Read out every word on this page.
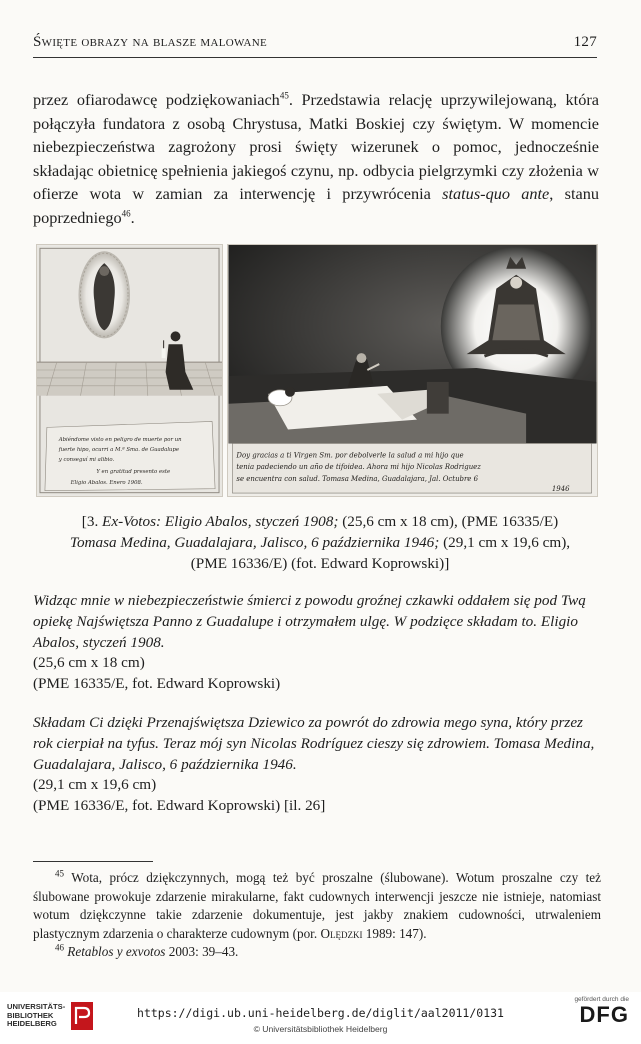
Święte obrazy na blasze malowane	127
przez ofiarodawcę podziękowaniach$^{45}$. Przedstawia relację uprzywilejowaną, która połączyła fundatora z osobą Chrystusa, Matki Boskiej czy świętym. W momencie niebezpieczeństwa zagrożony prosi święty wizerunek o pomoc, jednocześnie składając obietnicę spełnienia jakiegoś czynu, np. odbycia pielgrzymki czy złożenia w ofierze wota w zamian za interwencję i przywrócenia status-quo ante, stanu poprzedniego$^{46}$.
Abiéndome visto en peligro de muerte por un
fuerte hipo, ocurri a M.ª Sma. de Guadalupe
y conseguí mi alibio.
Y en gratitud presento este
Eligio Abalos. Enero 1908.
Doy gracias a ti Virgen Sm. por debolverle la salud a mi hijo que
tenia padeciendo un año de tifoidea. Ahora mi hijo Nicolas Rodriguez
se encuentra con salud. Tomasa Medina, Guadalajara, Jal. Octubre 6
1946
[3. Ex-Votos: Eligio Abalos, styczeń 1908; (25,6 cm x 18 cm), (PME 16335/E)
Tomasa Medina, Guadalajara, Jalisco, 6 października 1946; (29,1 cm x 19,6 cm),
(PME 16336/E) (fot. Edward Koprowski)]
Widząc mnie w niebezpieczeństwie śmierci z powodu groźnej czkawki oddałem się pod Twą opiekę Najświętsza Panno z Guadalupe i otrzymałem ulgę. W podzięce składam to. Eligio Abalos, styczeń 1908.
(25,6 cm x 18 cm)
(PME 16335/E, fot. Edward Koprowski)
Składam Ci dzięki Przenajświętsza Dziewico za powrót do zdrowia mego syna, który przez rok cierpiał na tyfus. Teraz mój syn Nicolas Rodríguez cieszy się zdrowiem. Tomasa Medina, Guadalajara, Jalisco, 6 października 1946.
(29,1 cm x 19,6 cm)
(PME 16336/E, fot. Edward Koprowski) [il. 26]

$^{45}$ Wota, prócz dziękczynnych, mogą też być proszalne (ślubowane). Wotum proszalne czy też ślubowane prowokuje zdarzenie mirakularne, fakt cudownych interwencji jeszcze nie istnieje, natomiast wotum dziękczynne takie zdarzenie dokumentuje, jest jakby znakiem cudowności, utrwaleniem plastycznym zdarzenia o charakterze cudownym (por. Olędzki 1989: 147).

$^{46}$ Retablos y exvotos 2003: 39–43.

UNIVERSITÄTS-
BIBLIOTHEK
HEIDELBERG
https://digi.ub.uni-heidelberg.de/diglit/aal2011/0131
© Universitätsbibliothek Heidelberg
gefördert durch die
DFG
